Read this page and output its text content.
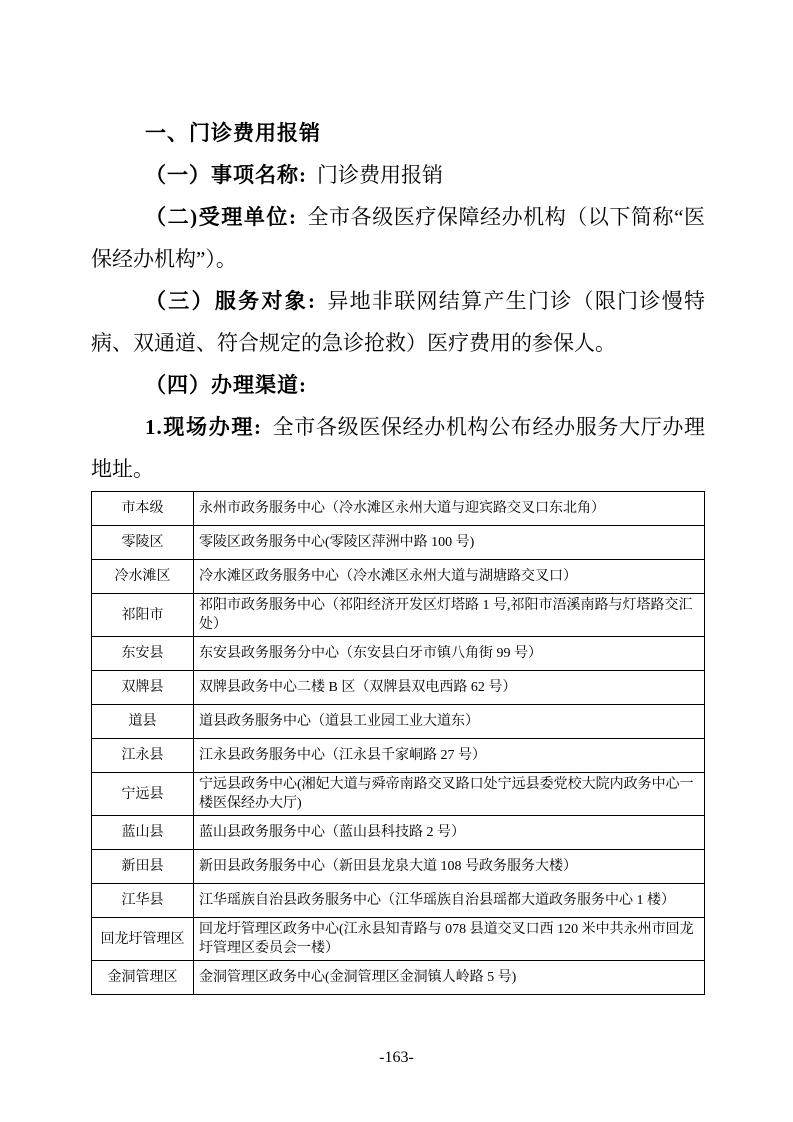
一、门诊费用报销

（一）事项名称: 门诊费用报销

（二)受理单位: 全市各级医疗保障经办机构（以下简称“医保经办机构”）。

（三）服务对象: 异地非联网结算产生门诊（限门诊慢特病、双通道、符合规定的急诊抢救）医疗费用的参保人。

（四）办理渠道:

1.现场办理: 全市各级医保经办机构公布经办服务大厅办理地址。

市本级	永州市政务服务中心（冷水滩区永州大道与迎宾路交叉口东北角）
零陵区	零陵区政务服务中心(零陵区萍洲中路 100 号)
冷水滩区	冷水滩区政务服务中心（冷水滩区永州大道与湖塘路交叉口）
祁阳市	祁阳市政务服务中心（祁阳经济开发区灯塔路 1 号,祁阳市浯溪南路与灯塔路交汇处）
东安县	东安县政务服务分中心（东安县白牙市镇八角街 99 号）
双牌县	双牌县政务中心二楼 B 区（双牌县双电西路 62 号）
道县	道县政务服务中心（道县工业园工业大道东）
江永县	江永县政务服务中心（江永县千家峒路 27 号）
宁远县	宁远县政务中心(湘妃大道与舜帝南路交叉路口处宁远县委党校大院内政务中心一楼医保经办大厅)
蓝山县	蓝山县政务服务中心（蓝山县科技路 2 号）
新田县	新田县政务服务中心（新田县龙泉大道 108 号政务服务大楼）
江华县	江华瑶族自治县政务服务中心（江华瑶族自治县瑶都大道政务服务中心 1 楼）
回龙圩管理区	回龙圩管理区政务中心(江永县知青路与 078 县道交叉口西 120 米中共永州市回龙圩管理区委员会一楼）
金洞管理区	金洞管理区政务中心(金洞管理区金洞镇人岭路 5 号)
-163-
